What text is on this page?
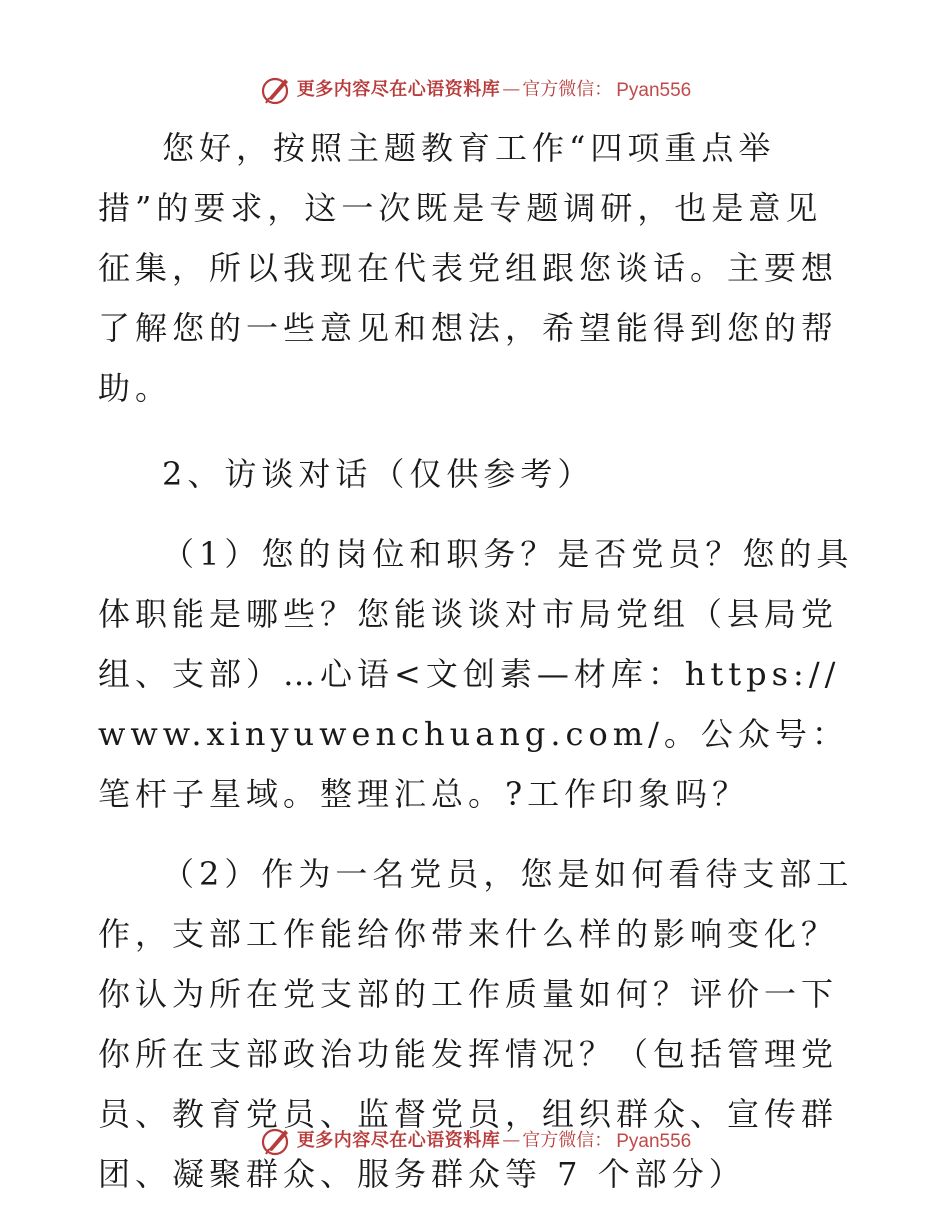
更多内容尽在心语资料库 — 官方微信： Pyan556

您好，按照主题教育工作“四项重点举措”的要求，这一次既是专题调研，也是意见征集，所以我现在代表党组跟您谈话。主要想了解您的一些意见和想法，希望能得到您的帮助。

2、访谈对话（仅供参考）

（1）您的岗位和职务？是否党员？您的具体职能是哪些？您能谈谈对市局党组（县局党组、支部）…心语<文创素—材库：https://www.xinyuwenchuang.com/。公众号：笔杆子星域。整理汇总。?工作印象吗？

（2）作为一名党员，您是如何看待支部工作，支部工作能给你带来什么样的影响变化？你认为所在党支部的工作质量如何？评价一下你所在支部政治功能发挥情况？（包括管理党员、教育党员、监督党员，组织群众、宣传群团、凝聚群众、服务群众等 7 个部分）

更多内容尽在心语资料库 — 官方微信： Pyan556
